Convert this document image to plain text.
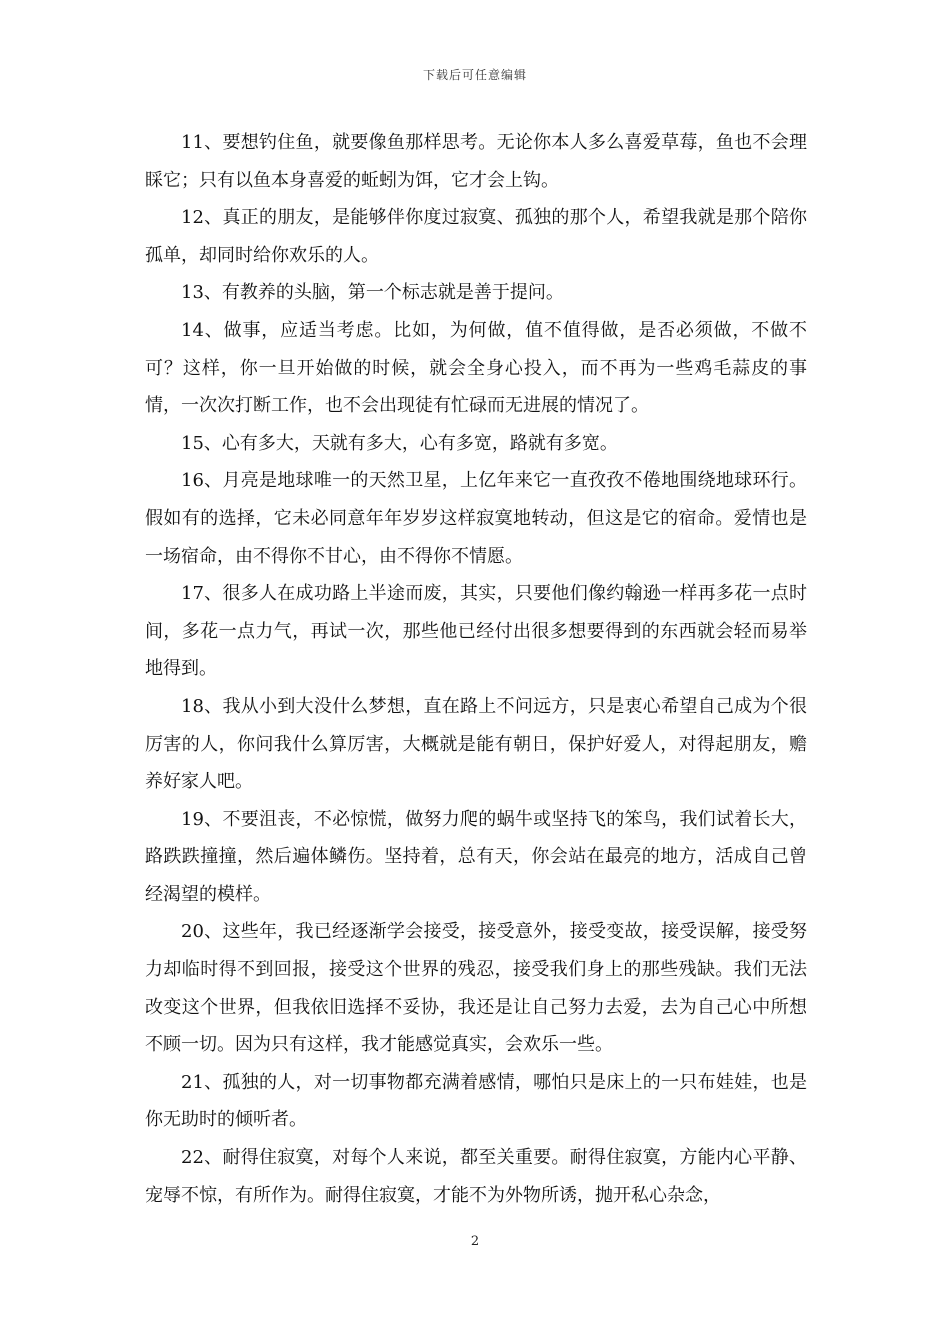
下载后可任意编辑

11、要想钓住鱼，就要像鱼那样思考。无论你本人多么喜爱草莓，鱼也不会理睬它；只有以鱼本身喜爱的蚯蚓为饵，它才会上钩。

12、真正的朋友，是能够伴你度过寂寞、孤独的那个人，希望我就是那个陪你孤单，却同时给你欢乐的人。

13、有教养的头脑，第一个标志就是善于提问。

14、做事，应适当考虑。比如，为何做，值不值得做，是否必须做，不做不可？这样，你一旦开始做的时候，就会全身心投入，而不再为一些鸡毛蒜皮的事情，一次次打断工作，也不会出现徒有忙碌而无进展的情况了。

15、心有多大，天就有多大，心有多宽，路就有多宽。

16、月亮是地球唯一的天然卫星，上亿年来它一直孜孜不倦地围绕地球环行。假如有的选择，它未必同意年年岁岁这样寂寞地转动，但这是它的宿命。爱情也是一场宿命，由不得你不甘心，由不得你不情愿。

17、很多人在成功路上半途而废，其实，只要他们像约翰逊一样再多花一点时间，多花一点力气，再试一次，那些他已经付出很多想要得到的东西就会轻而易举地得到。

18、我从小到大没什么梦想，直在路上不问远方，只是衷心希望自己成为个很厉害的人，你问我什么算厉害，大概就是能有朝日，保护好爱人，对得起朋友，赡养好家人吧。

19、不要沮丧，不必惊慌，做努力爬的蜗牛或坚持飞的笨鸟，我们试着长大，路跌跌撞撞，然后遍体鳞伤。坚持着，总有天，你会站在最亮的地方，活成自己曾经渴望的模样。

20、这些年，我已经逐渐学会接受，接受意外，接受变故，接受误解，接受努力却临时得不到回报，接受这个世界的残忍，接受我们身上的那些残缺。我们无法改变这个世界，但我依旧选择不妥协，我还是让自己努力去爱，去为自己心中所想不顾一切。因为只有这样，我才能感觉真实，会欢乐一些。

21、孤独的人，对一切事物都充满着感情，哪怕只是床上的一只布娃娃，也是你无助时的倾听者。

22、耐得住寂寞，对每个人来说，都至关重要。耐得住寂寞，方能内心平静、宠辱不惊，有所作为。耐得住寂寞，才能不为外物所诱，抛开私心杂念，

2
